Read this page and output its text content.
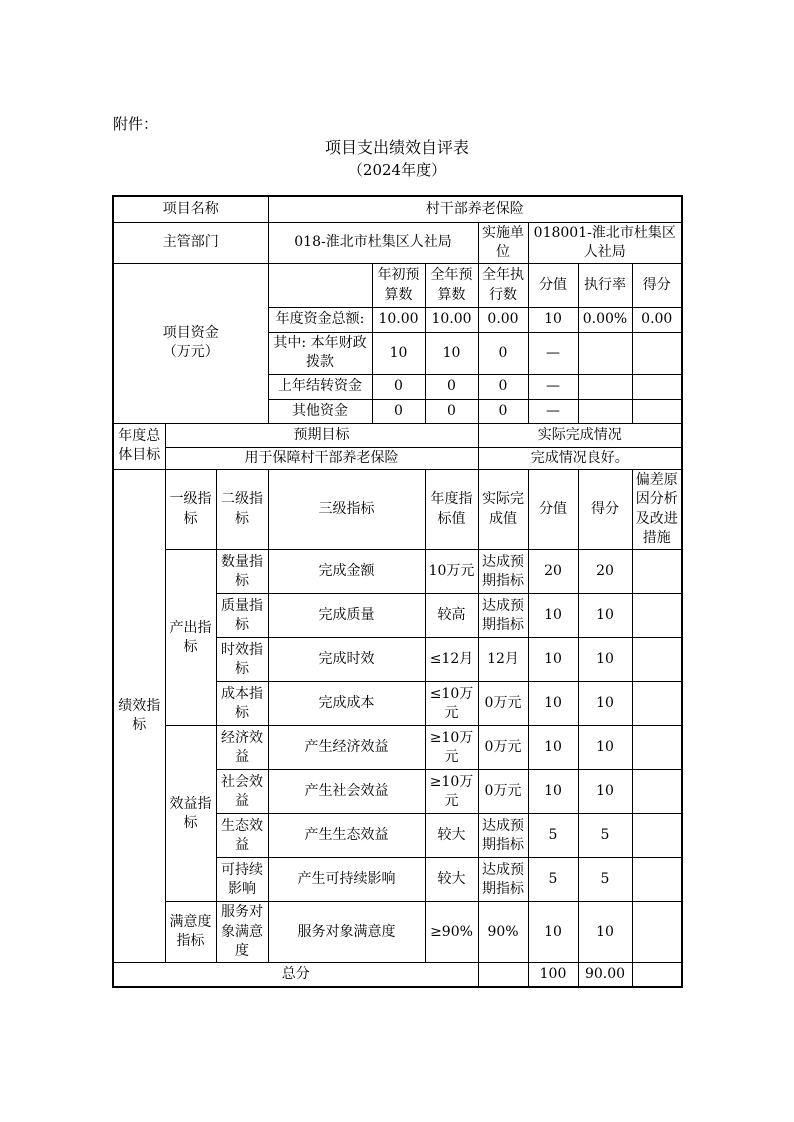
附件：
项目支出绩效自评表
（2024年度）
项目名称			村干部养老保险						
主管部门			018-淮北市杜集区人社局			实施单位	018001-淮北市杜集区人社局		

项目资金
（万元）				年初预算数	全年预算数	全年执行数	分值	执行率	得分
			年度资金总额:	10.00	10.00	0.00	10	0.00%	0.00
			其中: 本年财政拨款	10	10	0	—		
			上年结转资金	0	0	0	—		
			其他资金	0	0	0	—		
年度总体目标	预期目标					实际完成情况			
	用于保障村干部养老保险					完成情况良好。			
绩效指标	一级指标	二级指标	三级指标		年度指标值	实际完成值	分值	得分	偏差原因分析及改进措施
	产出指标	数量指标	完成金额		10万元	达成预期指标	20	20	
		质量指标	完成质量		较高	达成预期指标	10	10	
		时效指标	完成时效		≤12月	12月	10	10	
		成本指标	完成成本		≤10万元	0万元	10	10	
	效益指标	经济效益	产生经济效益		≥10万元	0万元	10	10	
		社会效益	产生社会效益		≥10万元	0万元	10	10	
		生态效益	产生生态效益		较大	达成预期指标	5	5	
		可持续影响	产生可持续影响		较大	达成预期指标	5	5	
	满意度指标	服务对象满意度	服务对象满意度		≥90%	90%	10	10	
总分							100	90.00	
